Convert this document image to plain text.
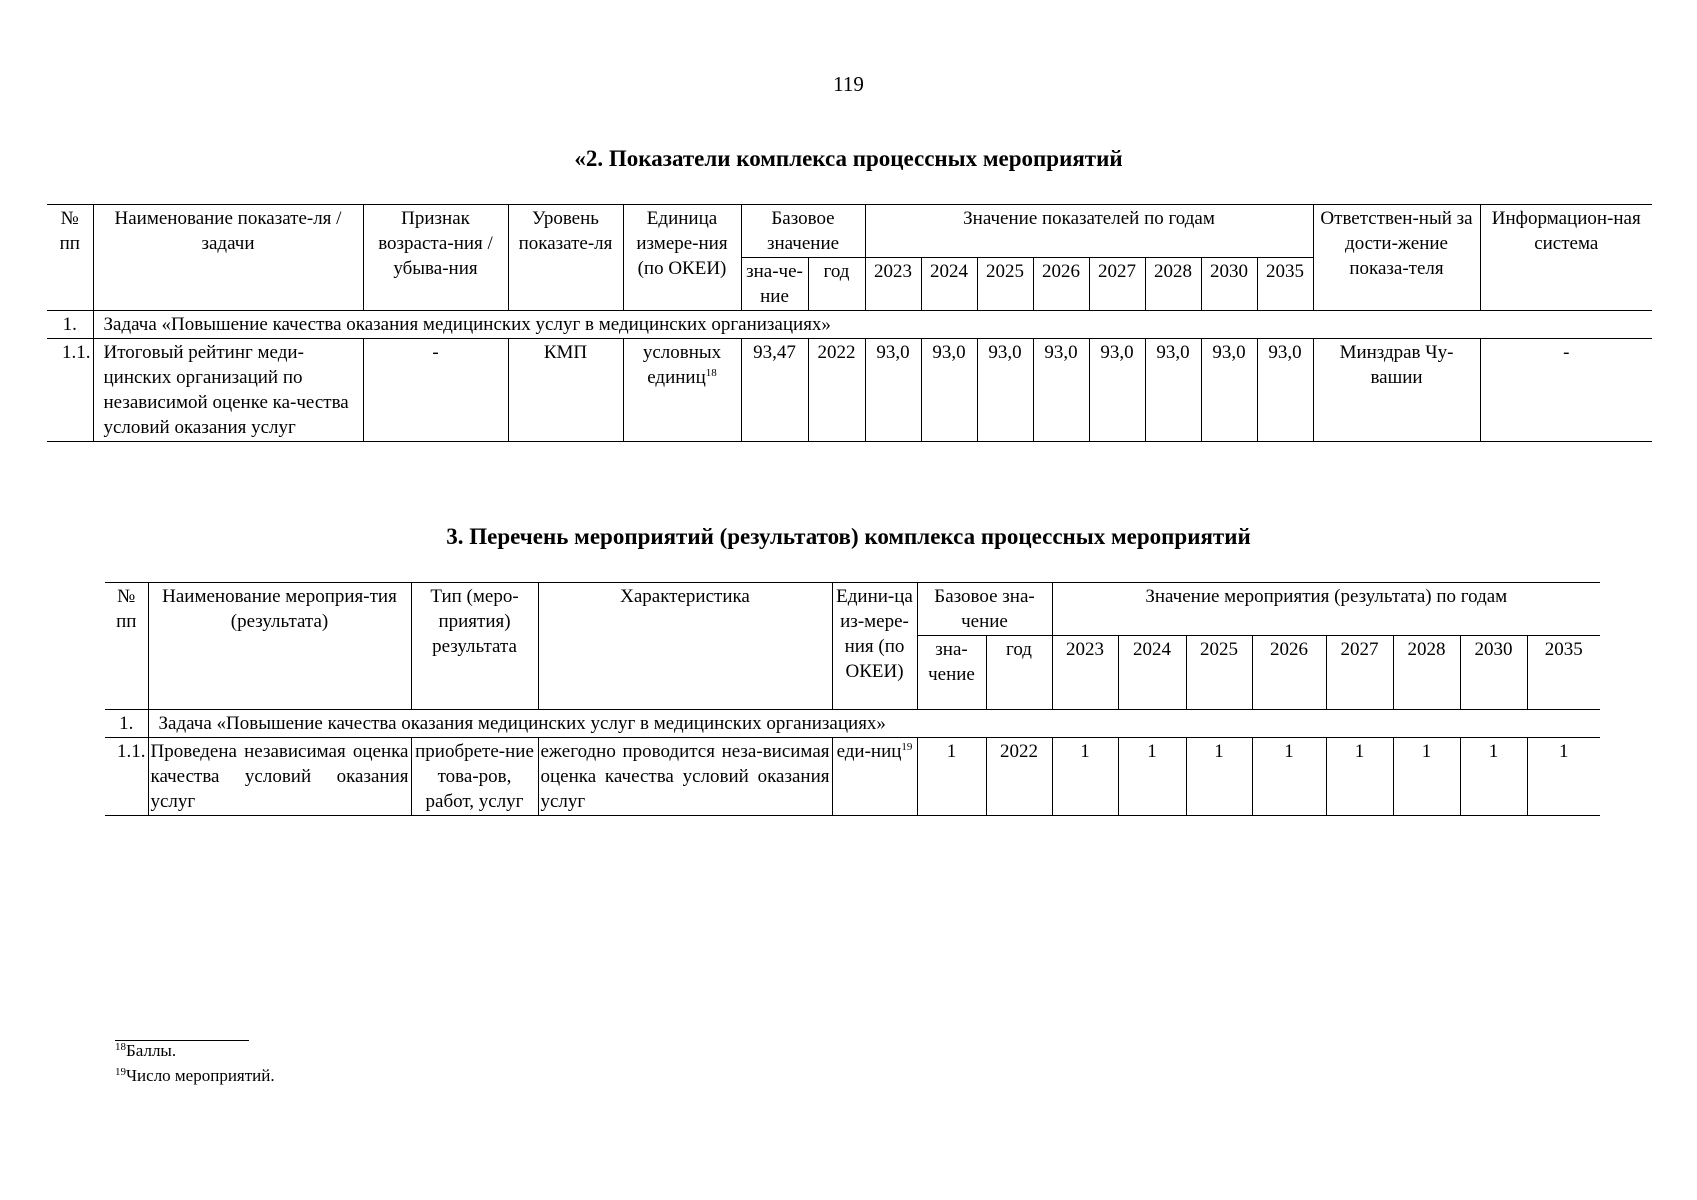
119
«2. Показатели комплекса процессных мероприятий
№ пп	Наименование показате-ля / задачи	Признак возраста-ния / убыва-ния	Уровень показате-ля	Единица измере-ния (по ОКЕИ)	Базовое значение		Значение показателей по годам								Ответствен-ный за дости-жение показа-теля	Информацион-ная система
					зна-че-ние	год	2023	2024	2025	2026	2027	2028	2030	2035		
1.	Задача «Повышение качества оказания медицинских услуг в медицинских организациях»															
1.1.	Итоговый рейтинг меди-цинских организаций по независимой оценке ка-чества условий оказания услуг	-	КМП	условных единиц$^{18}$	93,47	2022	93,0	93,0	93,0	93,0	93,0	93,0	93,0	93,0	Минздрав Чу-вашии	-
3. Перечень мероприятий (результатов) комплекса процессных мероприятий
№ пп	Наименование мероприя-тия (результата)	Тип (меро-приятия) результата	Характеристика	Едини-ца из-мере-ния (по ОКЕИ)	Базовое зна-чение		Значение мероприятия (результата) по годам							
					зна-чение	год	2023	2024	2025	2026	2027	2028	2030	2035
1.	Задача «Повышение качества оказания медицинских услуг в медицинских организациях»													
1.1.	Проведена независимая оценка качества условий оказания услуг	приобрете-ние това-ров, работ, услуг	ежегодно проводится неза-висимая оценка качества условий оказания услуг	еди-ниц$^{19}$	1	2022	1	1	1	1	1	1	1	1
$^{18}$Баллы.
$^{19}$Число мероприятий.
